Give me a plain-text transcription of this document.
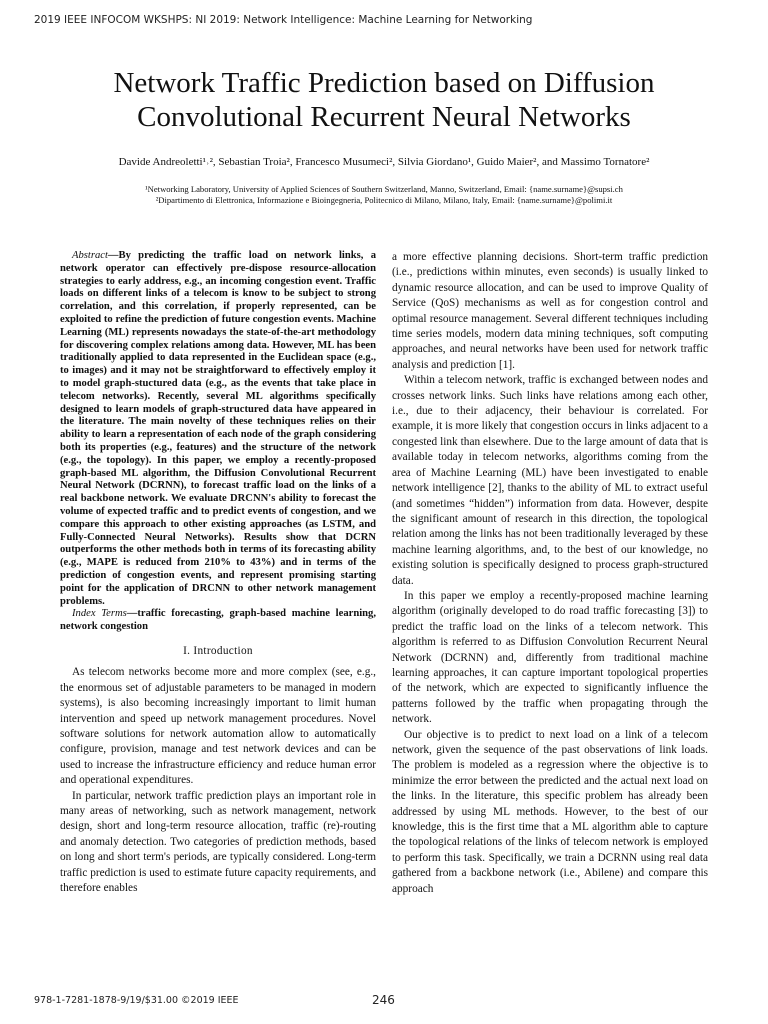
2019 IEEE INFOCOM WKSHPS: NI 2019: Network Intelligence: Machine Learning for Networking
Network Traffic Prediction based on Diffusion
Convolutional Recurrent Neural Networks
Davide Andreoletti¹˒², Sebastian Troia², Francesco Musumeci², Silvia Giordano¹, Guido Maier², and Massimo Tornatore²
¹Networking Laboratory, University of Applied Sciences of Southern Switzerland, Manno, Switzerland, Email: {name.surname}@supsi.ch
²Dipartimento di Elettronica, Informazione e Bioingegneria, Politecnico di Milano, Milano, Italy, Email: {name.surname}@polimi.it

Abstract—By predicting the traffic load on network links, a network operator can effectively pre-dispose resource-allocation strategies to early address, e.g., an incoming congestion event. Traffic loads on different links of a telecom is know to be subject to strong correlation, and this correlation, if properly represented, can be exploited to refine the prediction of future congestion events. Machine Learning (ML) represents nowadays the state-of-the-art methodology for discovering complex relations among data. However, ML has been traditionally applied to data represented in the Euclidean space (e.g., to images) and it may not be straightforward to effectively employ it to model graph-stuctured data (e.g., as the events that take place in telecom networks). Recently, several ML algorithms specifically designed to learn models of graph-structured data have appeared in the literature. The main novelty of these techniques relies on their ability to learn a representation of each node of the graph considering both its properties (e.g., features) and the structure of the network (e.g., the topology). In this paper, we employ a recently-proposed graph-based ML algorithm, the Diffusion Convolutional Recurrent Neural Network (DCRNN), to forecast traffic load on the links of a real backbone network. We evaluate DRCNN's ability to forecast the volume of expected traffic and to predict events of congestion, and we compare this approach to other existing approaches (as LSTM, and Fully-Connected Neural Networks). Results show that DCRN outperforms the other methods both in terms of its forecasting ability (e.g., MAPE is reduced from 210% to 43%) and in terms of the prediction of congestion events, and represent promising starting point for the application of DRCNN to other network management problems.

Index Terms—traffic forecasting, graph-based machine learning, network congestion

I. Introduction

As telecom networks become more and more complex (see, e.g., the enormous set of adjustable parameters to be managed in modern systems), is also becoming increasingly important to limit human intervention and speed up network management procedures. Novel software solutions for network automation allow to automatically configure, provision, manage and test network devices and can be used to increase the infrastructure efficiency and reduce human error and operational expenditures.

In particular, network traffic prediction plays an important role in many areas of networking, such as network management, network design, short and long-term resource allocation, traffic (re)-routing and anomaly detection. Two categories of prediction methods, based on long and short term's periods, are typically considered. Long-term traffic prediction is used to estimate future capacity requirements, and therefore enables

a more effective planning decisions. Short-term traffic prediction (i.e., predictions within minutes, even seconds) is usually linked to dynamic resource allocation, and can be used to improve Quality of Service (QoS) mechanisms as well as for congestion control and optimal resource management. Several different techniques including time series models, modern data mining techniques, soft computing approaches, and neural networks have been used for network traffic analysis and prediction [1].

Within a telecom network, traffic is exchanged between nodes and crosses network links. Such links have relations among each other, i.e., due to their adjacency, their behaviour is correlated. For example, it is more likely that congestion occurs in links adjacent to a congested link than elsewhere. Due to the large amount of data that is available today in telecom networks, algorithms coming from the area of Machine Learning (ML) have been investigated to enable network intelligence [2], thanks to the ability of ML to extract useful (and sometimes “hidden”) information from data. However, despite the significant amount of research in this direction, the topological relation among the links has not been traditionally leveraged by these machine learning algorithms, and, to the best of our knowledge, no existing solution is specifically designed to process graph-structured data.

In this paper we employ a recently-proposed machine learning algorithm (originally developed to do road traffic forecasting [3]) to predict the traffic load on the links of a telecom network. This algorithm is referred to as Diffusion Convolution Recurrent Neural Network (DCRNN) and, differently from traditional machine learning approaches, it can capture important topological properties of the network, which are expected to significantly influence the patterns followed by the traffic when propagating through the network.

Our objective is to predict to next load on a link of a telecom network, given the sequence of the past observations of link loads. The problem is modeled as a regression where the objective is to minimize the error between the predicted and the actual next load on the links. In the literature, this specific problem has already been addressed by using ML methods. However, to the best of our knowledge, this is the first time that a ML algorithm able to capture the topological relations of the links of telecom network is employed to perform this task. Specifically, we train a DCRNN using real data gathered from a backbone network (i.e., Abilene) and compare this approach

978-1-7281-1878-9/19/$31.00 ©2019 IEEE	246
